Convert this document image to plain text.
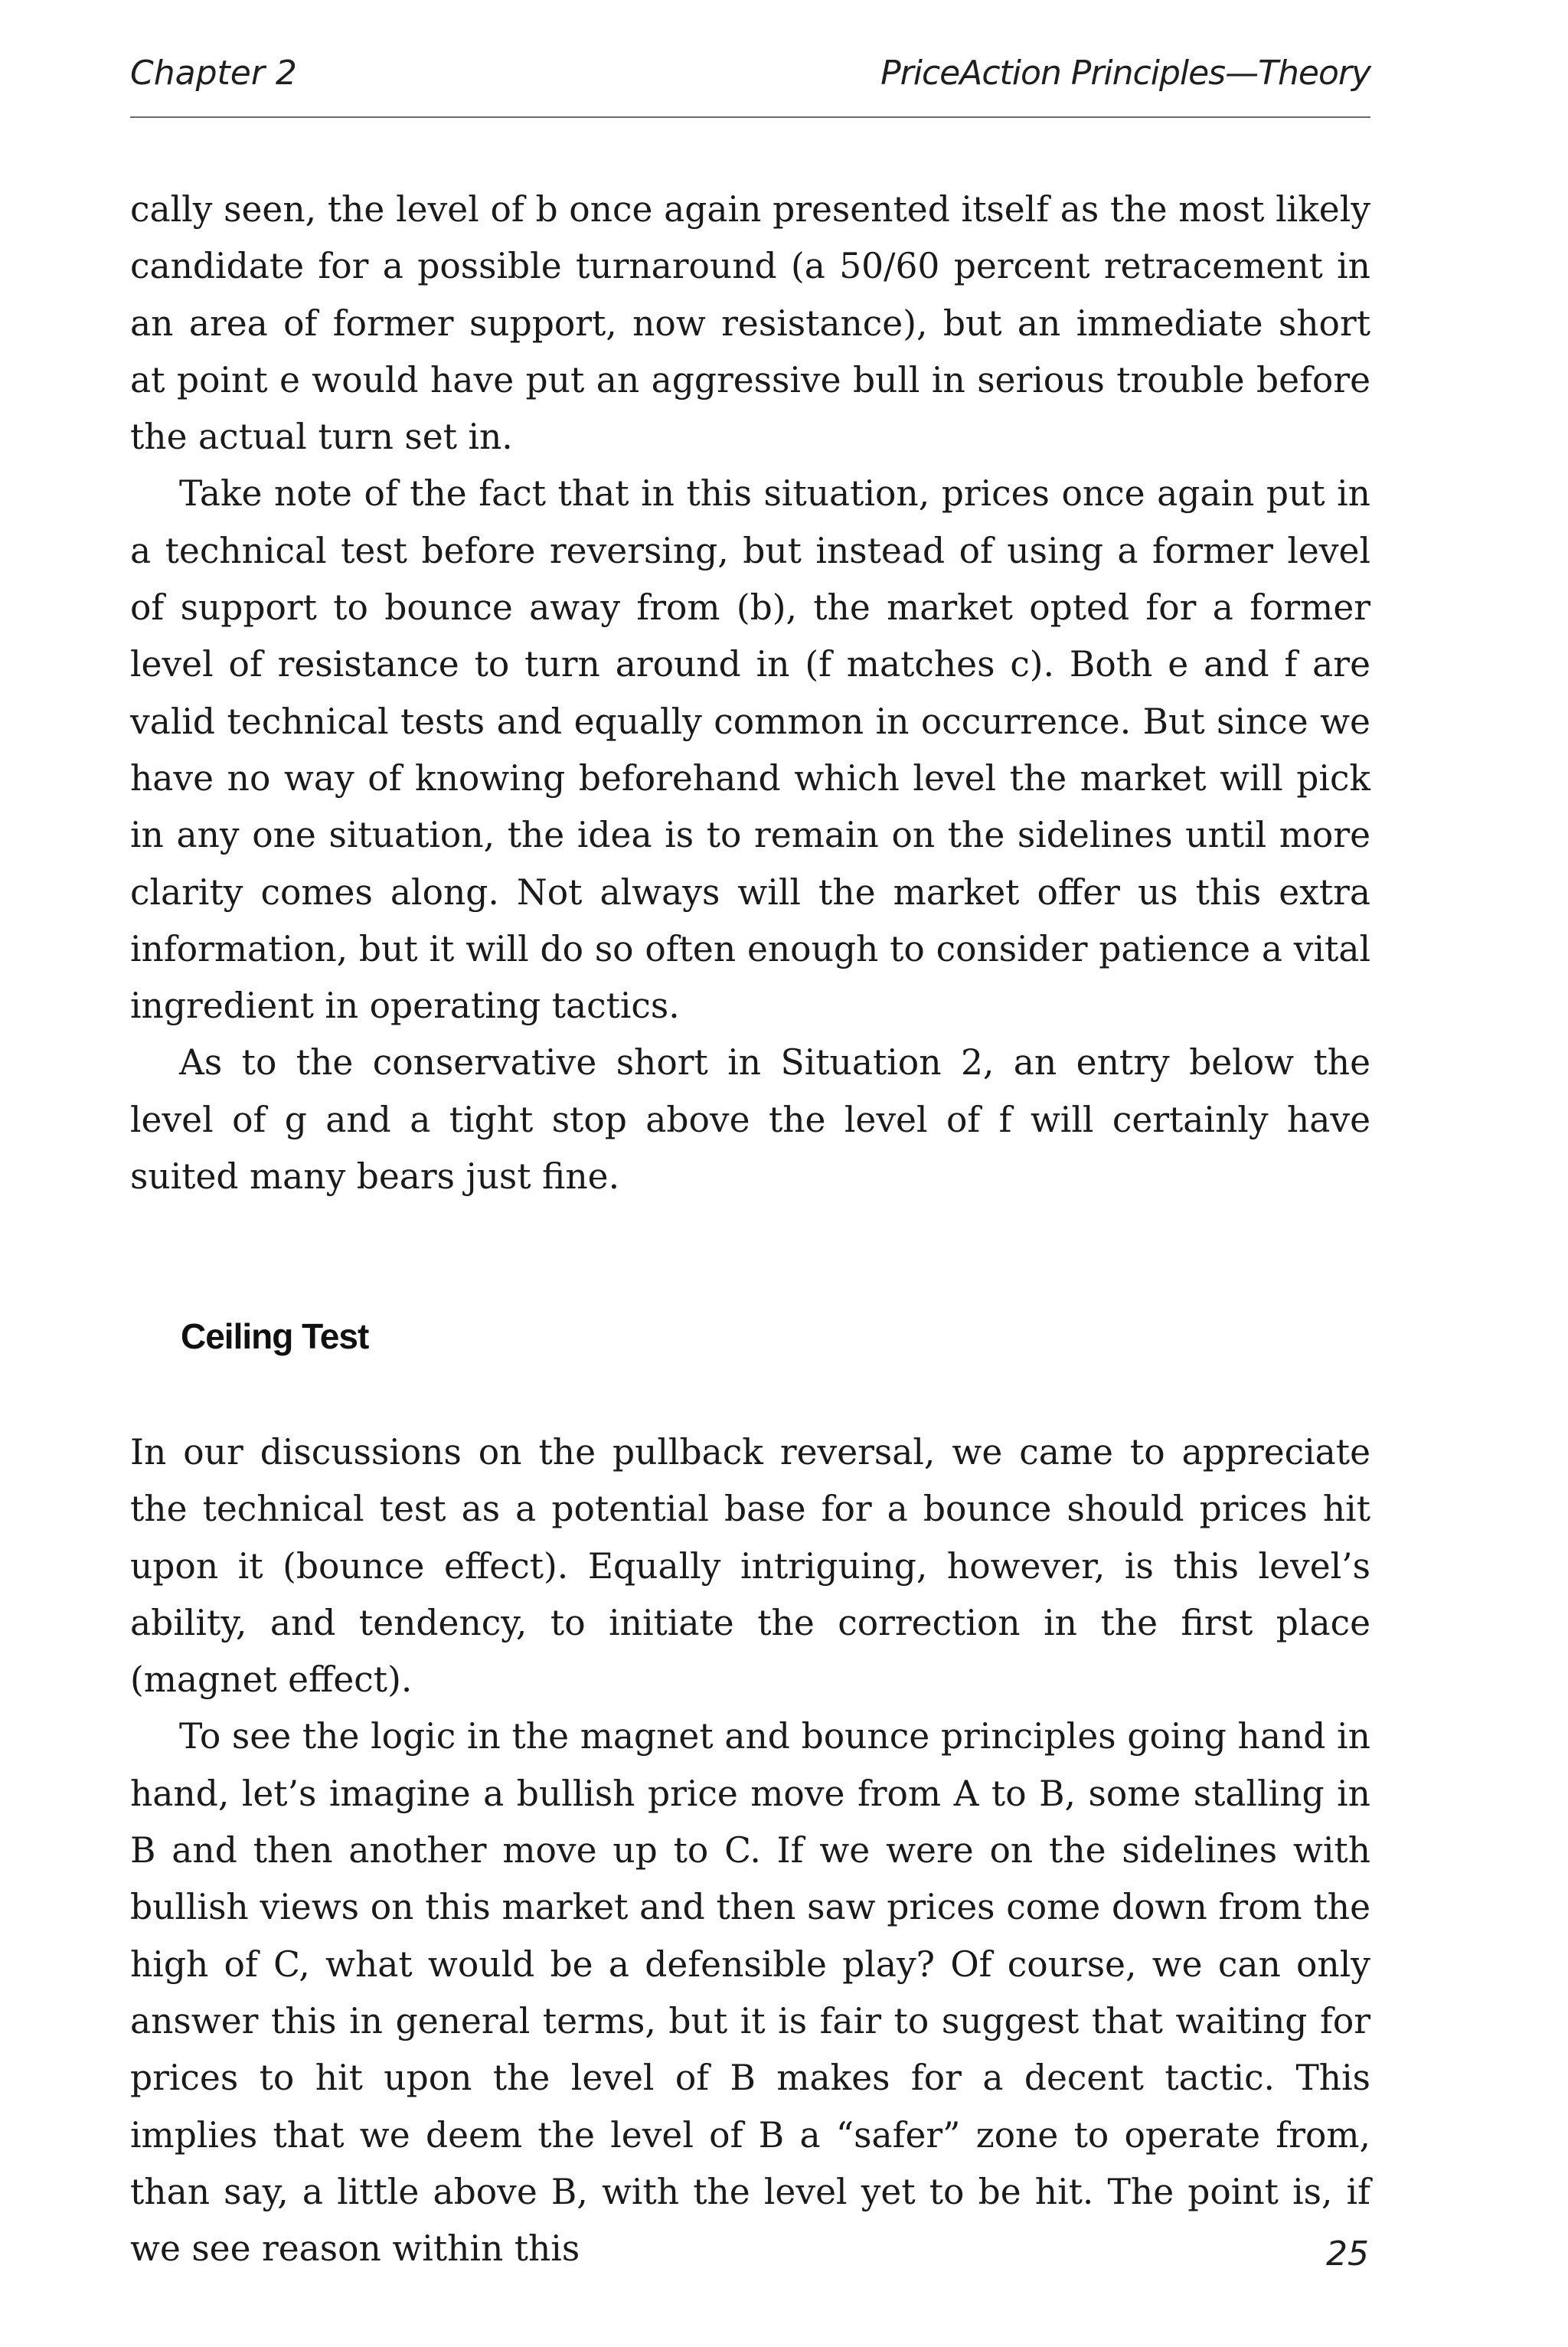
Chapter 2	PriceAction Principles—Theory

cally seen, the level of b once again presented itself as the most likely candidate for a possible turnaround (a 50/60 percent retracement in an area of former support, now resistance), but an immediate short at point e would have put an aggressive bull in serious trouble before the actual turn set in.

Take note of the fact that in this situation, prices once again put in a technical test before reversing, but instead of using a former level of support to bounce away from (b), the market opted for a former level of resistance to turn around in (f matches c). Both e and f are valid technical tests and equally common in occurrence. But since we have no way of knowing beforehand which level the market will pick in any one situation, the idea is to remain on the sidelines until more clarity comes along. Not always will the market offer us this extra information, but it will do so often enough to consider patience a vital ingredient in operating tactics.

As to the conservative short in Situation 2, an entry below the level of g and a tight stop above the level of f will certainly have suited many bears just fine.

Ceiling Test

In our discussions on the pullback reversal, we came to appreciate the technical test as a potential base for a bounce should prices hit upon it (bounce effect). Equally intriguing, however, is this level’s ability, and tendency, to initiate the correction in the first place (magnet effect).

To see the logic in the magnet and bounce principles going hand in hand, let’s imagine a bullish price move from A to B, some stalling in B and then another move up to C. If we were on the sidelines with bullish views on this market and then saw prices come down from the high of C, what would be a defensible play? Of course, we can only answer this in general terms, but it is fair to suggest that waiting for prices to hit upon the level of B makes for a decent tactic. This implies that we deem the level of B a “safer” zone to operate from, than say, a little above B, with the level yet to be hit. The point is, if we see reason within this	25
